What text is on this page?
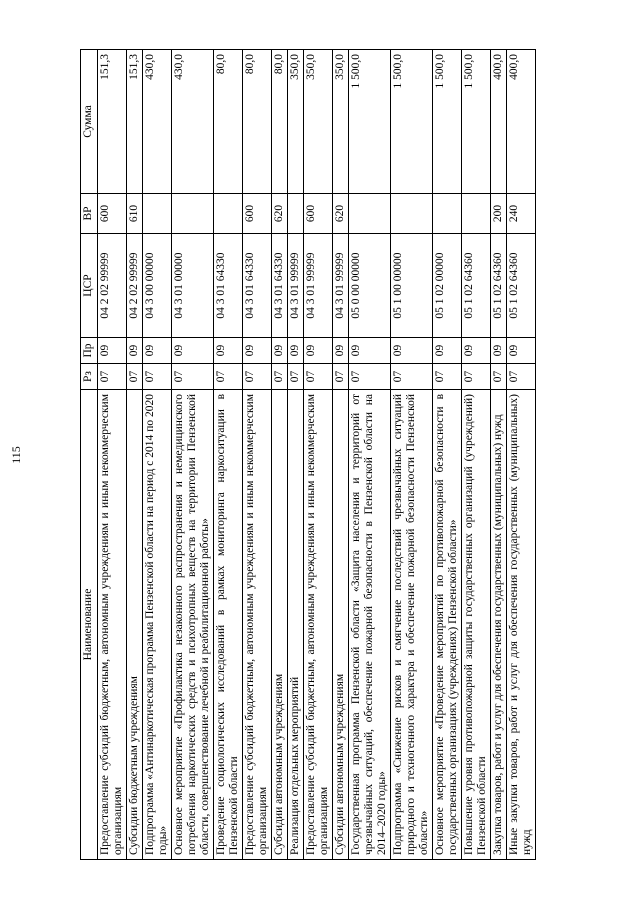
115
Наименование	Рз	Пр	ЦСР	ВР	Сумма
Предоставление субсидий бюджетным, автономным учреждениям и иным некоммерческим организациям	07	09	04 2 02 99999	600	151,3
Субсидии бюджетным учреждениям	07	09	04 2 02 99999	610	151,3
Подпрограмма «Антинаркотическая программа Пензенской области на период с 2014 по 2020 годы»	07	09	04 3 00 00000		430,0
Основное мероприятие «Профилактика незаконного распространения и немедицинского потребления наркотических средств и психотропных веществ на территории Пензенской области, совершенствование лечебной и реабилитационной работы»	07	09	04 3 01 00000		430,0
Проведение социологических исследований в рамках мониторинга наркоситуации в Пензенской области	07	09	04 3 01 64330		80,0
Предоставление субсидий бюджетным, автономным учреждениям и иным некоммерческим организациям	07	09	04 3 01 64330	600	80,0
Субсидии автономным учреждениям	07	09	04 3 01 64330	620	80,0
Реализация отдельных мероприятий	07	09	04 3 01 99999		350,0
Предоставление субсидий бюджетным, автономным учреждениям и иным некоммерческим организациям	07	09	04 3 01 99999	600	350,0
Субсидии автономным учреждениям	07	09	04 3 01 99999	620	350,0
Государственная программа Пензенской области «Защита населения и территорий от чрезвычайных ситуаций, обеспечение пожарной безопасности в Пензенской области на 2014–2020 годы»	07	09	05 0 00 00000		1 500,0
Подпрограмма «Снижение рисков и смягчение последствий чрезвычайных ситуаций природного и техногенного характера и обеспечение пожарной безопасности Пензенской области»	07	09	05 1 00 00000		1 500,0
Основное мероприятие «Проведение мероприятий по противопожарной безопасности в государственных организациях (учреждениях) Пензенской области»	07	09	05 1 02 00000		1 500,0
Повышение уровня противопожарной защиты государственных организаций (учреждений) Пензенской области	07	09	05 1 02 64360		1 500,0
Закупка товаров, работ и услуг для обеспечения государственных (муниципальных) нужд	07	09	05 1 02 64360	200	400,0
Иные закупки товаров, работ и услуг для обеспечения государственных (муниципальных) нужд	07	09	05 1 02 64360	240	400,0
